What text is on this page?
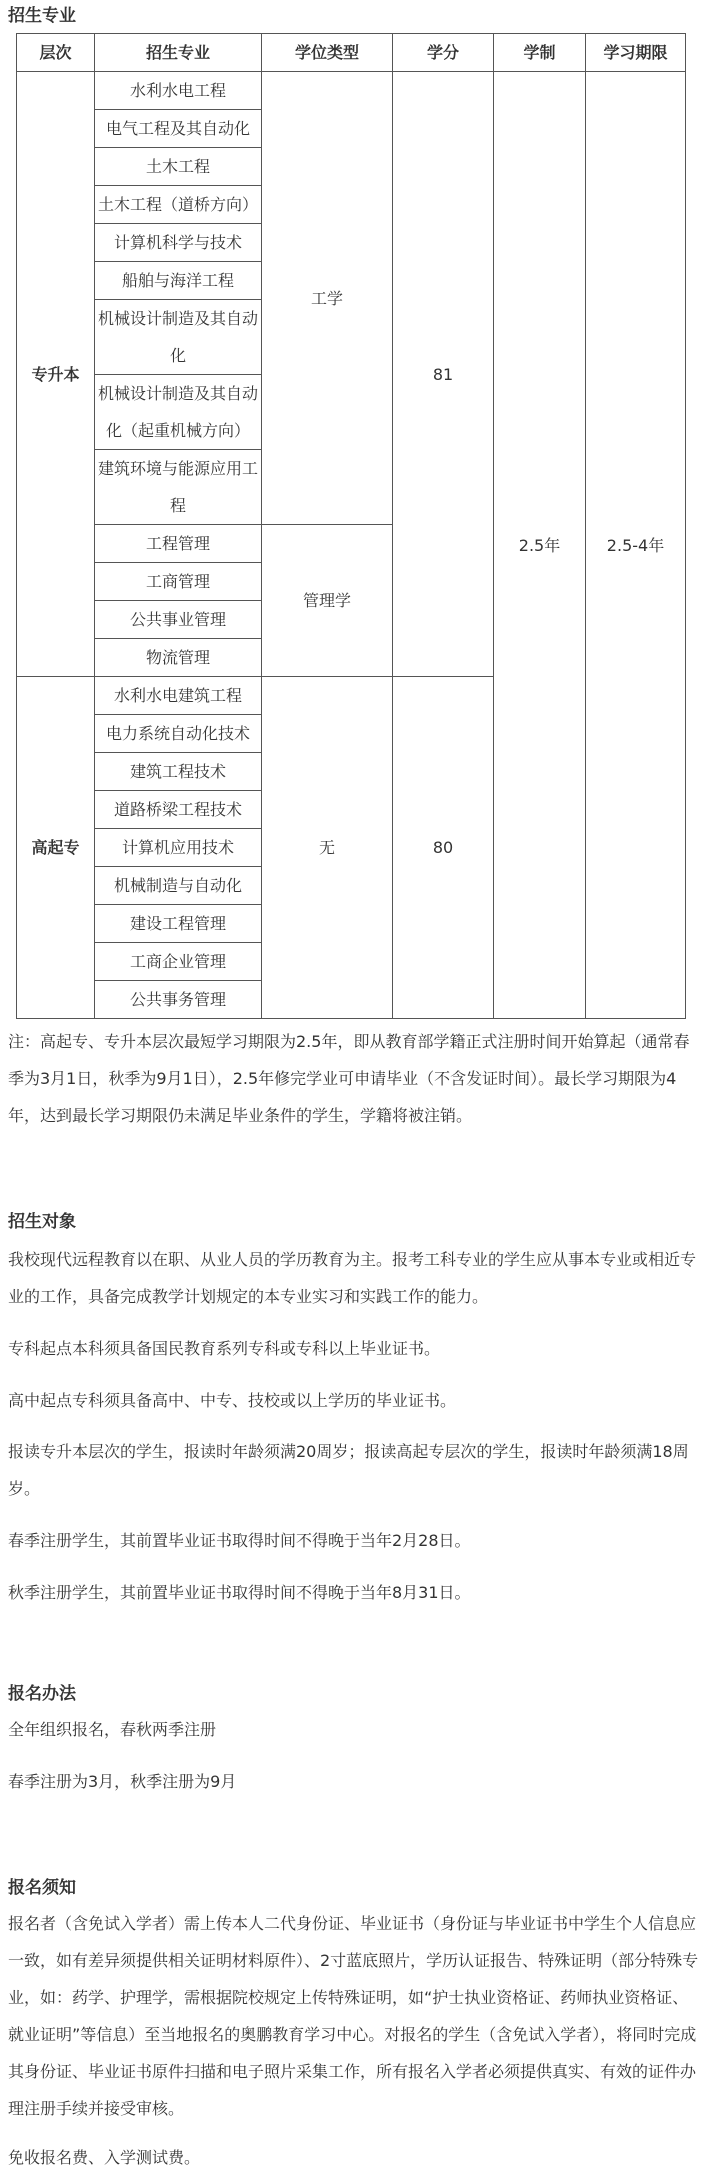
招生专业
层次	招生专业	学位类型	学分	学制	学习期限
专升本	水利水电工程	工学	81	2.5年	2.5-4年
	电气工程及其自动化				
	土木工程				
	土木工程（道桥方向）				
	计算机科学与技术				
	船舶与海洋工程				
	机械设计制造及其自动化				
	机械设计制造及其自动化（起重机械方向）				
	建筑环境与能源应用工程				
	工程管理	管理学			
	工商管理				
	公共事业管理				
	物流管理				
高起专	水利水电建筑工程	无	80		
	电力系统自动化技术				
	建筑工程技术				
	道路桥梁工程技术				
	计算机应用技术				
	机械制造与自动化				
	建设工程管理				
	工商企业管理				
	公共事务管理				
注：高起专、专升本层次最短学习期限为2.5年，即从教育部学籍正式注册时间开始算起（通常春季为3月1日，秋季为9月1日），2.5年修完学业可申请毕业（不含发证时间）。最长学习期限为4年，达到最长学习期限仍未满足毕业条件的学生，学籍将被注销。
招生对象
我校现代远程教育以在职、从业人员的学历教育为主。报考工科专业的学生应从事本专业或相近专业的工作，具备完成教学计划规定的本专业实习和实践工作的能力。
专科起点本科须具备国民教育系列专科或专科以上毕业证书。
高中起点专科须具备高中、中专、技校或以上学历的毕业证书。
报读专升本层次的学生，报读时年龄须满20周岁；报读高起专层次的学生，报读时年龄须满18周岁。
春季注册学生，其前置毕业证书取得时间不得晚于当年2月28日。
秋季注册学生，其前置毕业证书取得时间不得晚于当年8月31日。
报名办法
全年组织报名，春秋两季注册
春季注册为3月，秋季注册为9月
报名须知
报名者（含免试入学者）需上传本人二代身份证、毕业证书（身份证与毕业证书中学生个人信息应一致，如有差异须提供相关证明材料原件）、2寸蓝底照片，学历认证报告、特殊证明（部分特殊专业，如：药学、护理学，需根据院校规定上传特殊证明，如“护士执业资格证、药师执业资格证、就业证明”等信息）至当地报名的奥鹏教育学习中心。对报名的学生（含免试入学者），将同时完成其身份证、毕业证书原件扫描和电子照片采集工作，所有报名入学者必须提供真实、有效的证件办理注册手续并接受审核。
免收报名费、入学测试费。
